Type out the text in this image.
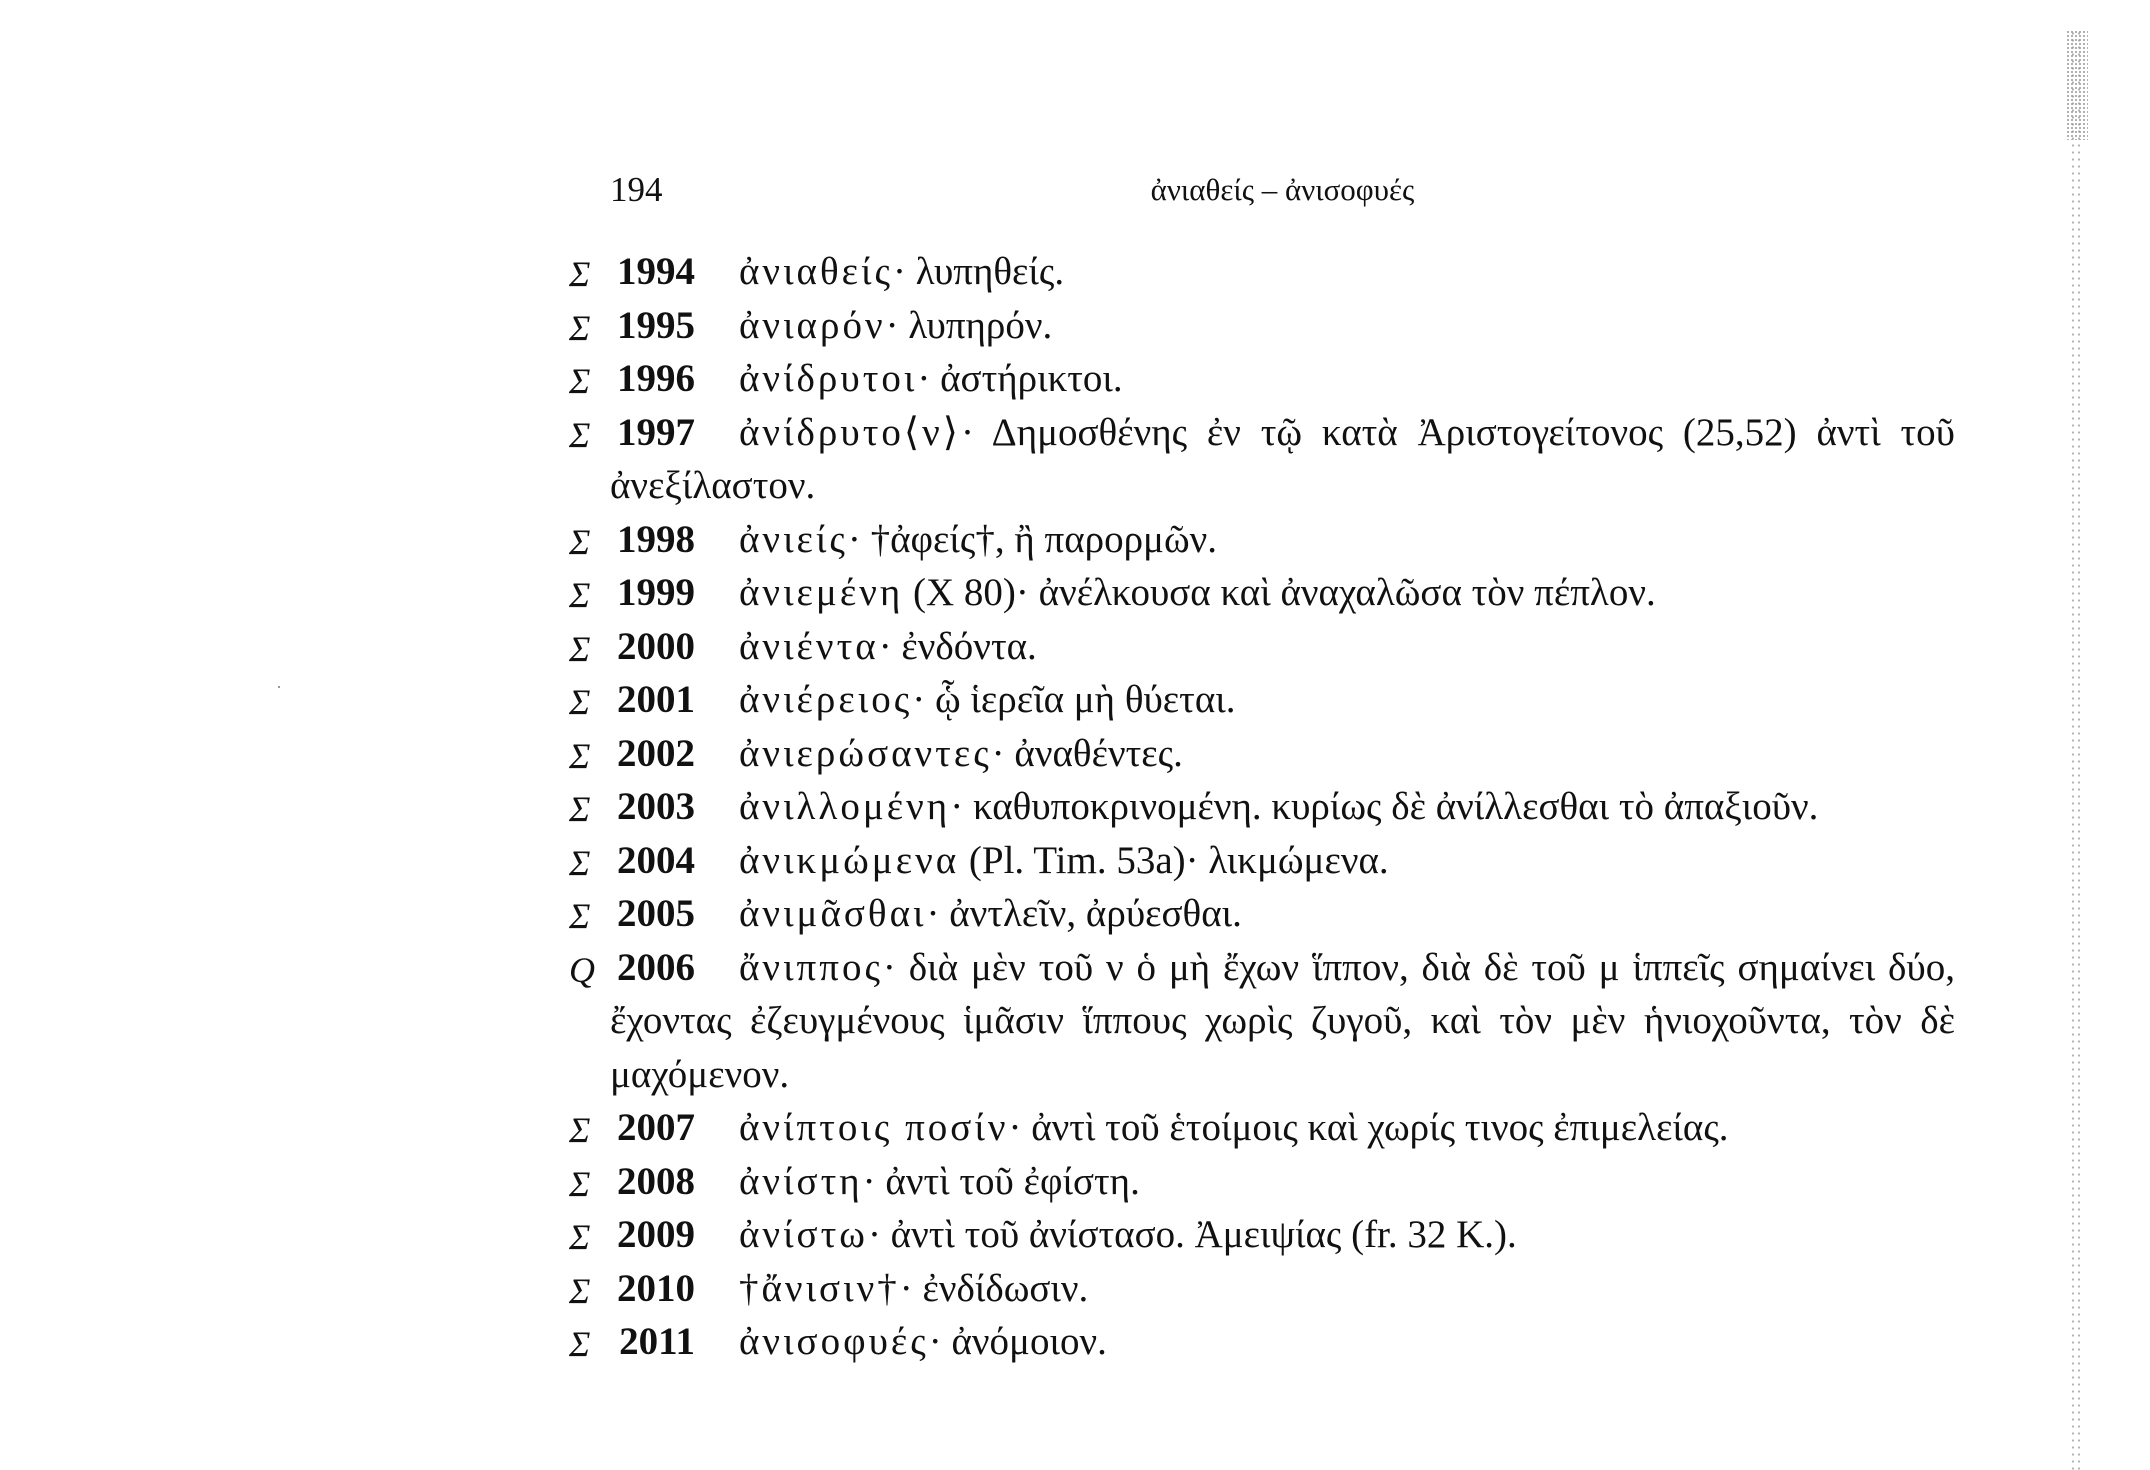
194	ἀνιαθείς – ἀνισοφυές
Σ 1994 ἀνιαθείς· λυπηθείς.
Σ 1995 ἀνιαρόν· λυπηρόν.
Σ 1996 ἀνίδρυτοι· ἀστήρικτοι.
Σ 1997 ἀνίδρυτο⟨ν⟩· Δημοσθένης ἐν τῷ κατὰ Ἀριστογείτονος (25,52) ἀντὶ τοῦ ἀνεξίλαστον.
Σ 1998 ἀνιείς· †ἀφείς†, ἢ παρορμῶν.
Σ 1999 ἀνιεμένη (Χ 80)· ἀνέλκουσα καὶ ἀναχαλῶσα τὸν πέπλον.
Σ 2000 ἀνιέντα· ἐνδόντα.
Σ 2001 ἀνιέρειος· ᾧ ἱερεῖα μὴ θύεται.
Σ 2002 ἀνιερώσαντες· ἀναθέντες.
Σ 2003 ἀνιλλομένη· καθυποκρινομένη. κυρίως δὲ ἀνίλλεσθαι τὸ ἀπαξιοῦν.
Σ 2004 ἀνικμώμενα (Pl. Tim. 53a)· λικμώμενα.
Σ 2005 ἀνιμᾶσθαι· ἀντλεῖν, ἀρύεσθαι.
Q 2006 ἄνιππος· διὰ μὲν τοῦ ν ὁ μὴ ἔχων ἵππον, διὰ δὲ τοῦ μ ἱππεῖς σημαίνει δύο, ἔχοντας ἐζευγμένους ἱμᾶσιν ἵππους χωρὶς ζυγοῦ, καὶ τὸν μὲν ἡνιοχοῦντα, τὸν δὲ μαχόμενον.
Σ 2007 ἀνίπτοις ποσίν· ἀντὶ τοῦ ἑτοίμοις καὶ χωρίς τινος ἐπιμελείας.
Σ 2008 ἀνίστη· ἀντὶ τοῦ ἐφίστη.
Σ 2009 ἀνίστω· ἀντὶ τοῦ ἀνίστασο. Ἀμειψίας (fr. 32 K.).
Σ 2010 †ἄνισιν†· ἐνδίδωσιν.
Σ 2011 ἀνισοφυές· ἀνόμοιον.
